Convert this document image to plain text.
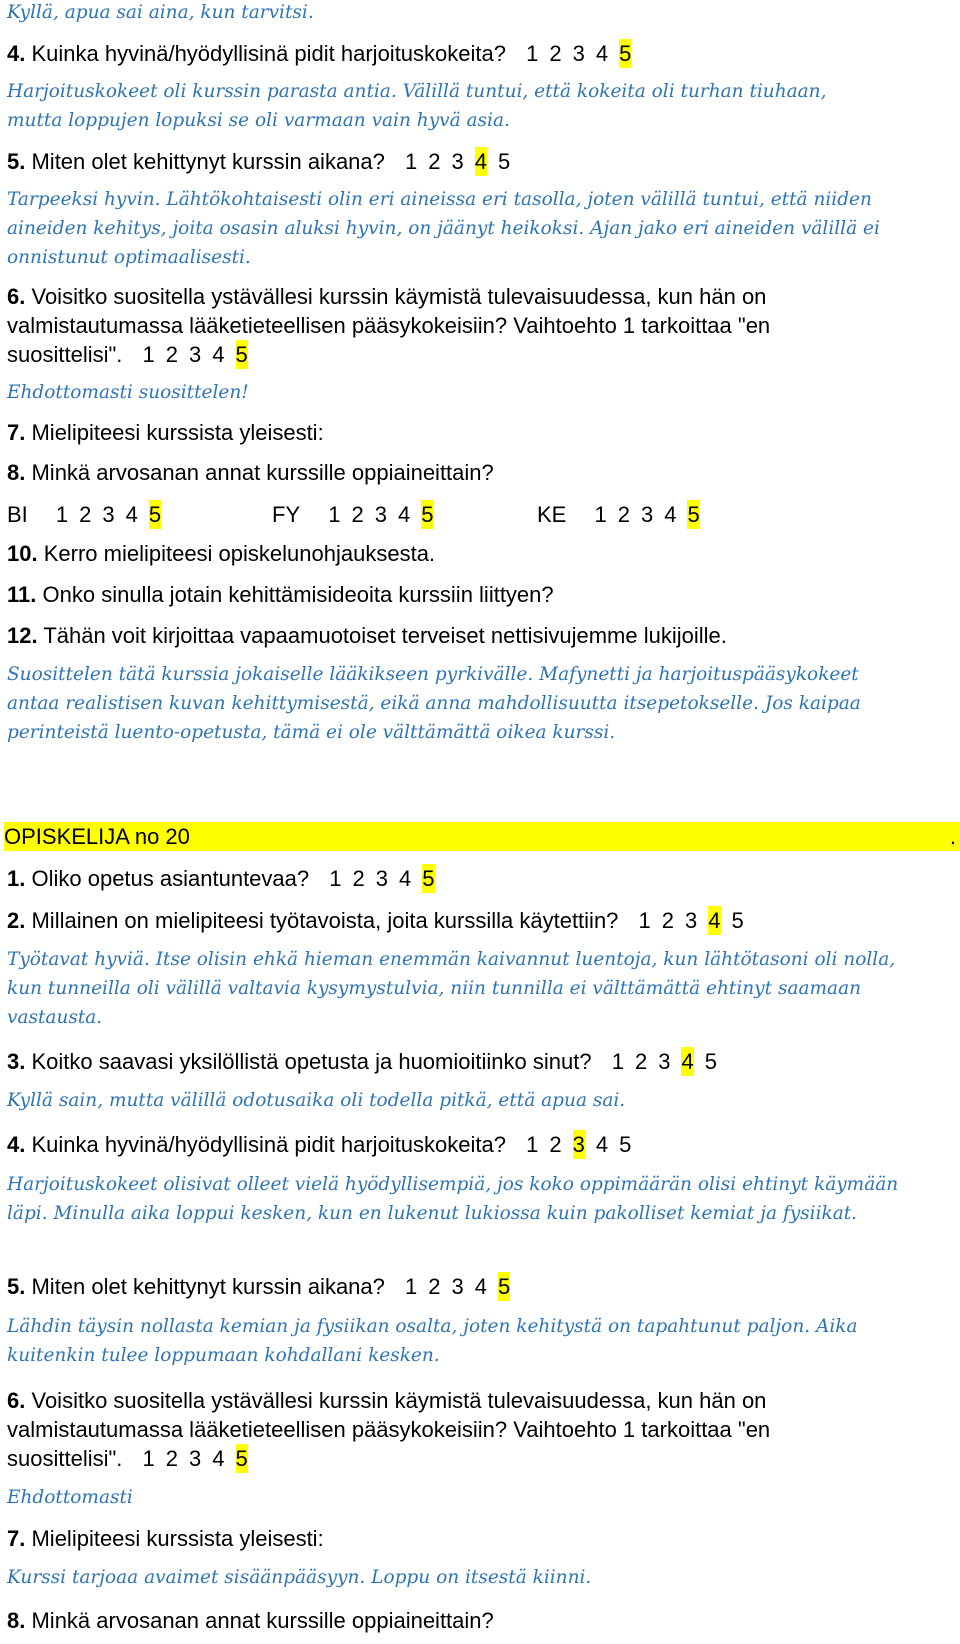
Kyllä, apua sai aina, kun tarvitsi.

4. Kuinka hyvinä/hyödyllisinä pidit harjoituskokeita? 1 2 3 4 5

Harjoituskokeet oli kurssin parasta antia. Välillä tuntui, että kokeita oli turhan tiuhaan, mutta loppujen lopuksi se oli varmaan vain hyvä asia.

5. Miten olet kehittynyt kurssin aikana? 1 2 3 4 5

Tarpeeksi hyvin. Lähtökohtaisesti olin eri aineissa eri tasolla, joten välillä tuntui, että niiden aineiden kehitys, joita osasin aluksi hyvin, on jäänyt heikoksi. Ajan jako eri aineiden välillä ei onnistunut optimaalisesti.

6. Voisitko suositella ystävällesi kurssin käymistä tulevaisuudessa, kun hän on valmistautumassa lääketieteellisen pääsykokeisiin? Vaihtoehto 1 tarkoittaa "en suosittelisi". 1 2 3 4 5

Ehdottomasti suosittelen!

7. Mielipiteesi kurssista yleisesti:

8. Minkä arvosanan annat kurssille oppiaineittain?

BI 1 2 3 4 5	FY 1 2 3 4 5	KE 1 2 3 4 5

10. Kerro mielipiteesi opiskelunohjauksesta.

11. Onko sinulla jotain kehittämisideoita kurssiin liittyen?

12. Tähän voit kirjoittaa vapaamuotoiset terveiset nettisivujemme lukijoille.

Suosittelen tätä kurssia jokaiselle lääkikseen pyrkivälle. Mafynetti ja harjoituspääsykokeet antaa realistisen kuvan kehittymisestä, eikä anna mahdollisuutta itsepetokselle. Jos kaipaa perinteistä luento-opetusta, tämä ei ole välttämättä oikea kurssi.

OPISKELIJA no 20	.

1. Oliko opetus asiantuntevaa? 1 2 3 4 5

2. Millainen on mielipiteesi työtavoista, joita kurssilla käytettiin? 1 2 3 4 5

Työtavat hyviä. Itse olisin ehkä hieman enemmän kaivannut luentoja, kun lähtötasoni oli nolla, kun tunneilla oli välillä valtavia kysymystulvia, niin tunnilla ei välttämättä ehtinyt saamaan vastausta.

3. Koitko saavasi yksilöllistä opetusta ja huomioitiinko sinut? 1 2 3 4 5

Kyllä sain, mutta välillä odotusaika oli todella pitkä, että apua sai.

4. Kuinka hyvinä/hyödyllisinä pidit harjoituskokeita? 1 2 3 4 5

Harjoituskokeet olisivat olleet vielä hyödyllisempiä, jos koko oppimäärän olisi ehtinyt käymään läpi. Minulla aika loppui kesken, kun en lukenut lukiossa kuin pakolliset kemiat ja fysiikat.

5. Miten olet kehittynyt kurssin aikana? 1 2 3 4 5

Lähdin täysin nollasta kemian ja fysiikan osalta, joten kehitystä on tapahtunut paljon. Aika kuitenkin tulee loppumaan kohdallani kesken.

6. Voisitko suositella ystävällesi kurssin käymistä tulevaisuudessa, kun hän on valmistautumassa lääketieteellisen pääsykokeisiin? Vaihtoehto 1 tarkoittaa "en suosittelisi". 1 2 3 4 5

Ehdottomasti

7. Mielipiteesi kurssista yleisesti:

Kurssi tarjoaa avaimet sisäänpääsyyn. Loppu on itsestä kiinni.

8. Minkä arvosanan annat kurssille oppiaineittain?
